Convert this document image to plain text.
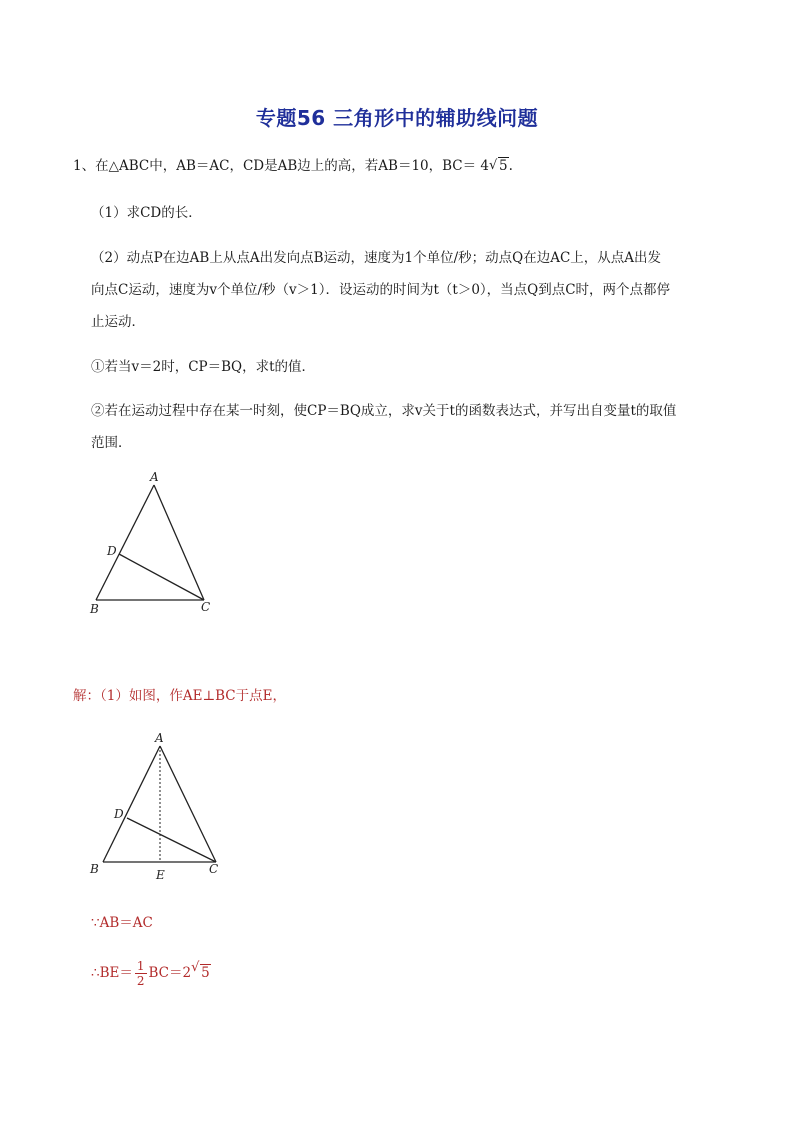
专题56 三角形中的辅助线问题
1、在△ABC中，AB＝AC，CD是AB边上的高，若AB＝10，BC＝ 4 √ 5.
（1）求CD的长．
（2）动点P在边AB上从点A出发向点B运动，速度为1个单位/秒；动点Q在边AC上，从点A出发
向点C运动，速度为v个单位/秒（v＞1）．设运动的时间为t（t＞0），当点Q到点C时，两个点都停
止运动．
①若当v＝2时，CP＝BQ，求t的值．
②若在运动过程中存在某一时刻，使CP＝BQ成立，求v关于t的函数表达式，并写出自变量t的取值
范围．
A
D
B	C
解：（1）如图，作AE⊥BC于点E，
A
D
B	E	C
∵AB＝AC
∴BE＝ $\frac{1}{2} BC=2$ √ 5
